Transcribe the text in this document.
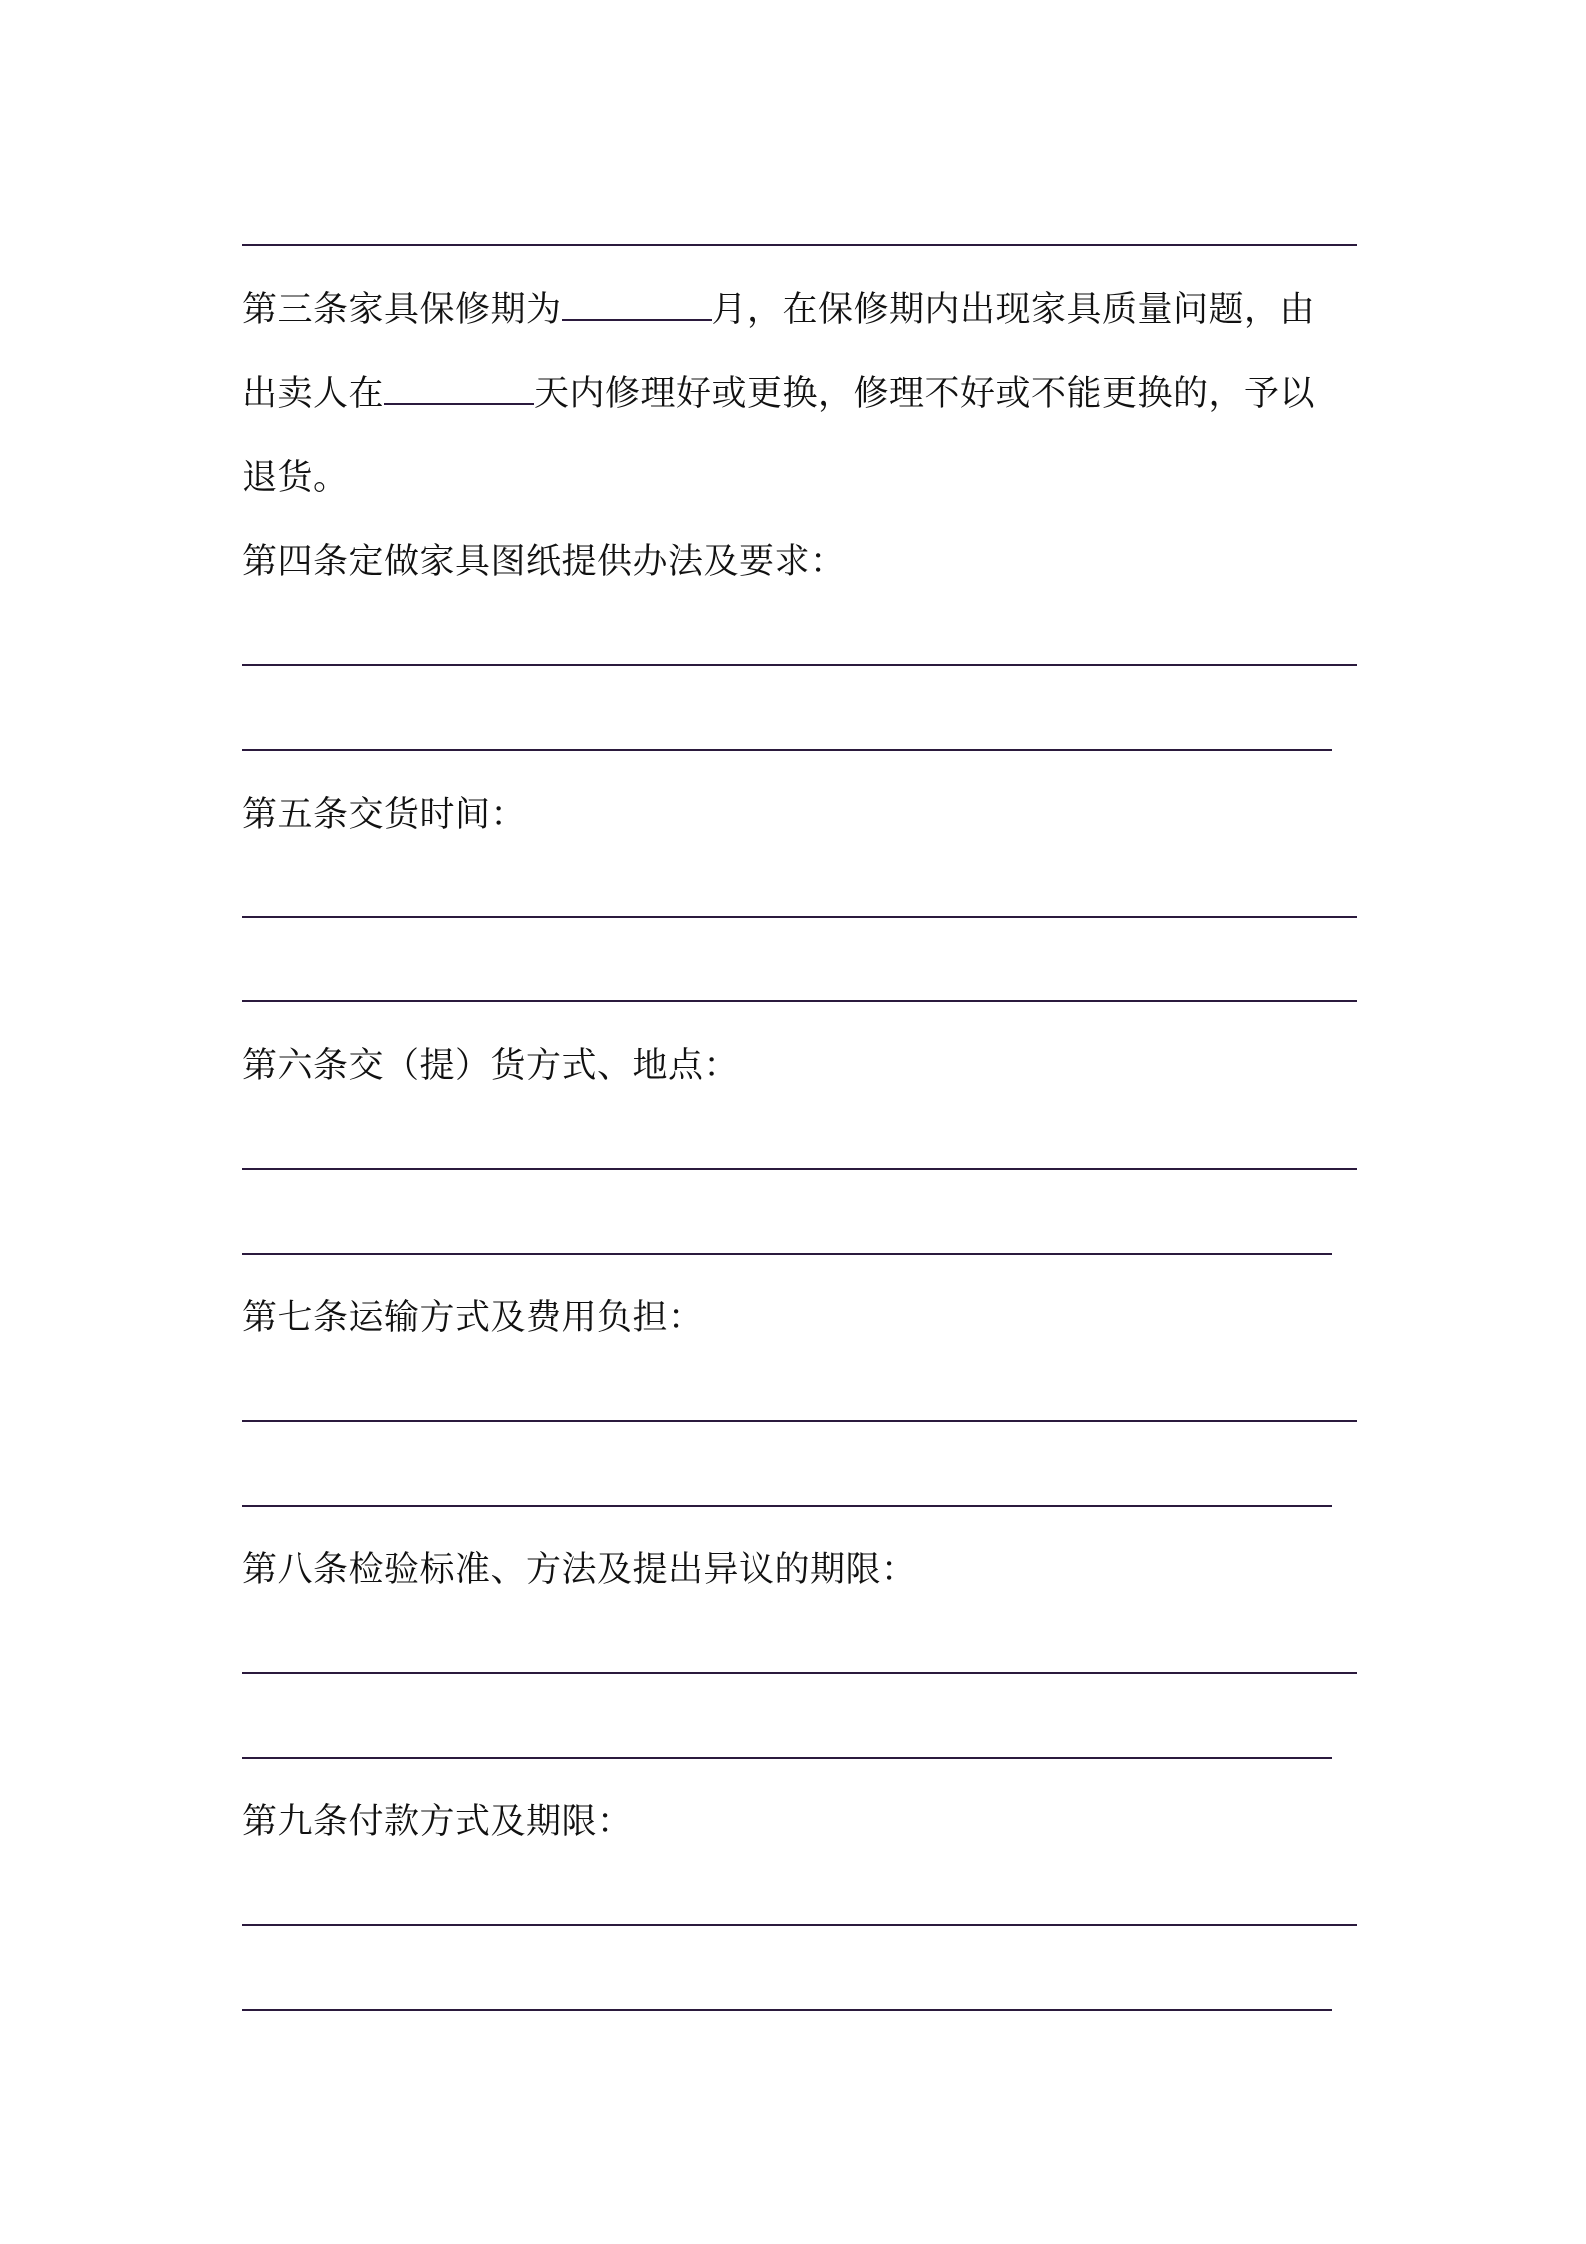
第三条家具保修期为	月，在保修期内出现家具质量问题，由
出卖人在	天内修理好或更换，修理不好或不能更换的，予以
退货。
第四条定做家具图纸提供办法及要求：
第五条交货时间：
第六条交（提）货方式、地点：
第七条运输方式及费用负担：
第八条检验标准、方法及提出异议的期限：
第九条付款方式及期限：
